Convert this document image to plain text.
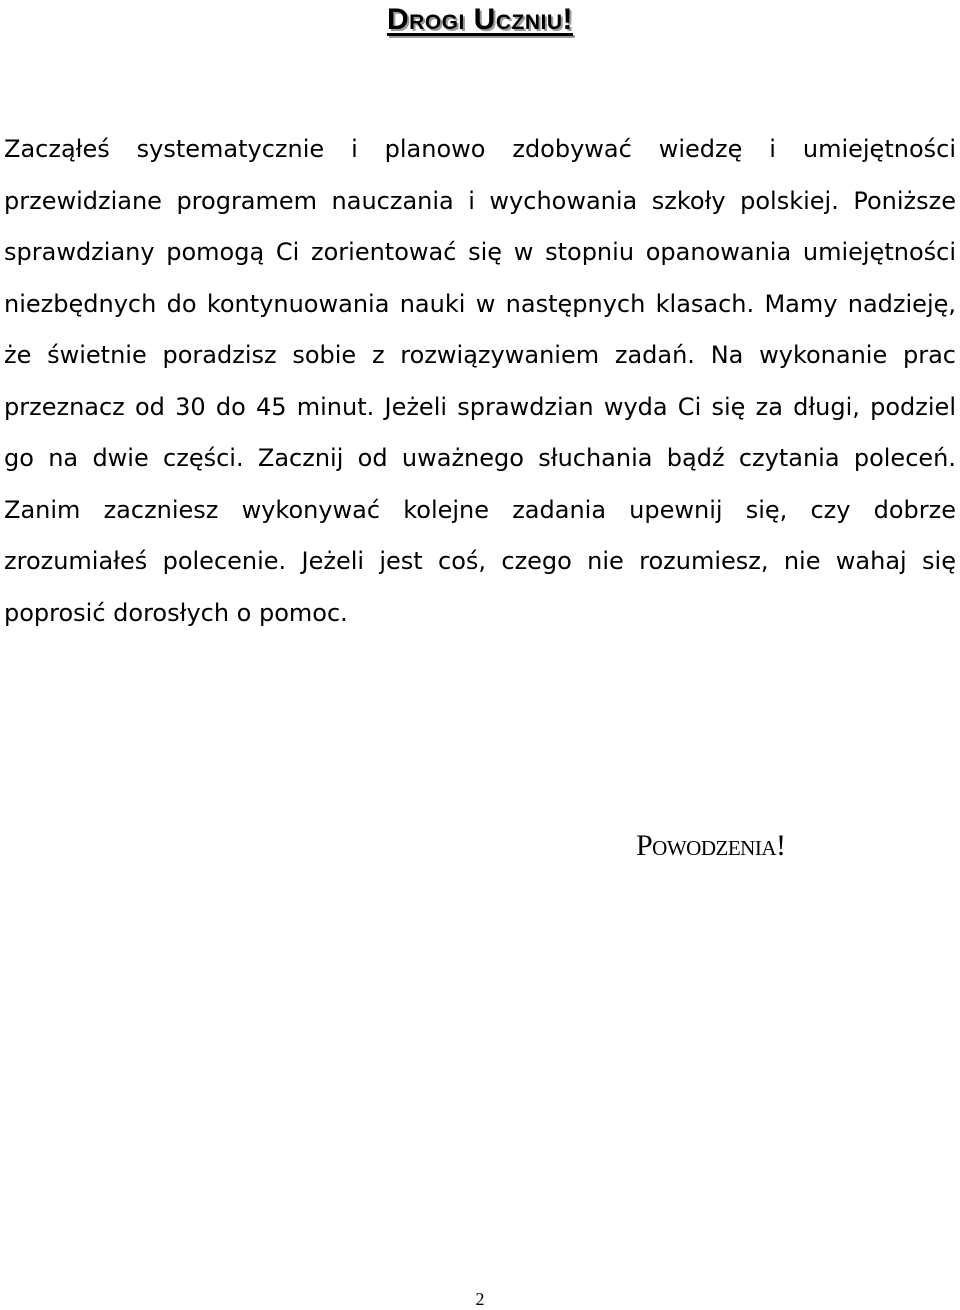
Drogi Uczniu!

Zacząłeś systematycznie i planowo zdobywać wiedzę i umiejętności przewidziane programem nauczania i wychowania szkoły polskiej. Poniższe sprawdziany pomogą Ci zorientować się w stopniu opanowania umiejętności niezbędnych do kontynuowania nauki w następnych klasach. Mamy nadzieję, że świetnie poradzisz sobie z rozwiązywaniem zadań. Na wykonanie prac przeznacz od 30 do 45 minut. Jeżeli sprawdzian wyda Ci się za długi, podziel go na dwie części. Zacznij od uważnego słuchania bądź czytania poleceń. Zanim zaczniesz wykonywać kolejne zadania upewnij się, czy dobrze zrozumiałeś polecenie. Jeżeli jest coś, czego nie rozumiesz, nie wahaj się poprosić dorosłych o pomoc.

Powodzenia!
2
